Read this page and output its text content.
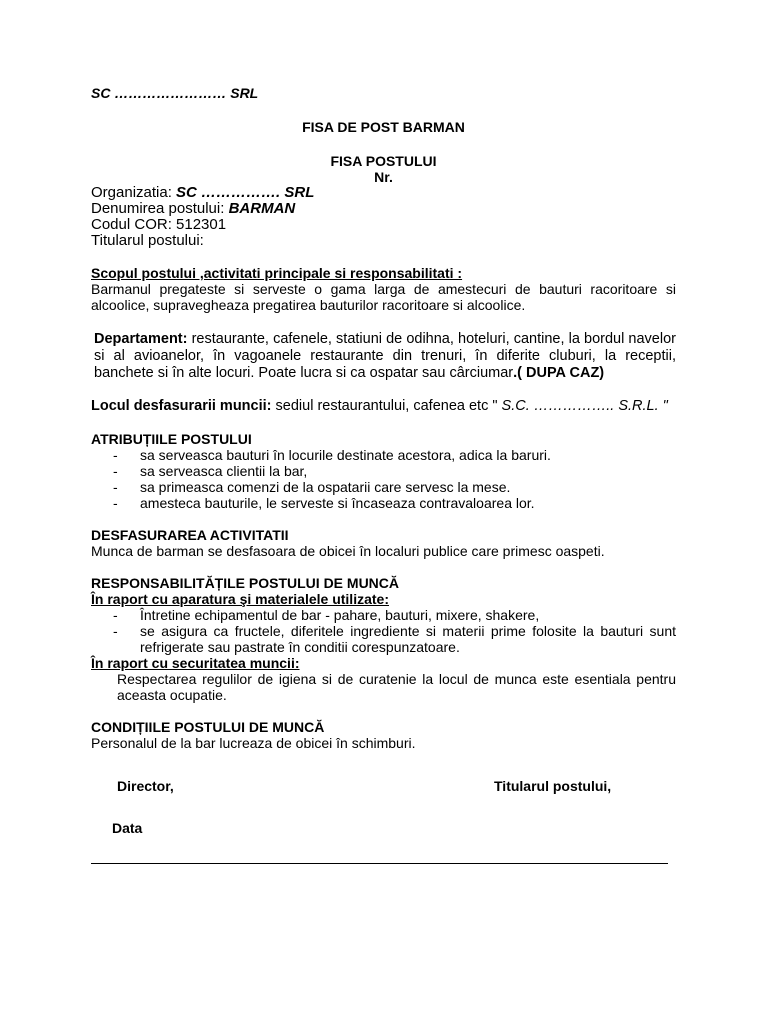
SC …………………… SRL

FISA DE POST BARMAN

FISA POSTULUI

Nr.

Organizatia: SC ……………. SRL

Denumirea postului: BARMAN

Codul COR: 512301

Titularul postului:

Scopul postului ,activitati principale si responsabilitati :

Barmanul pregateste si serveste o gama larga de amestecuri de bauturi racoritoare si alcoolice, supravegheaza pregatirea bauturilor racoritoare si alcoolice.

Departament: restaurante, cafenele, statiuni de odihna, hoteluri, cantine, la bordul navelor si al avioanelor, în vagoanele restaurante din trenuri, în diferite cluburi, la receptii, banchete si în alte locuri. Poate lucra si ca ospatar sau cârciumar.( DUPA CAZ)

Locul desfasurarii muncii: sediul restaurantului, cafenea etc " S.C. …………….. S.R.L. "

ATRIBUȚIILE POSTULUI

- sa serveasca bauturi în locurile destinate acestora, adica la baruri.
- sa serveasca clientii la bar,
- sa primeasca comenzi de la ospatarii care servesc la mese.
- amesteca bauturile, le serveste si încaseaza contravaloarea lor.

DESFASURAREA ACTIVITATII

Munca de barman se desfasoara de obicei în localuri publice care primesc oaspeti.

RESPONSABILITĂȚILE POSTULUI DE MUNCĂ

În raport cu aparatura şi materialele utilizate:

- Întretine echipamentul de bar - pahare, bauturi, mixere, shakere,
- se asigura ca fructele, diferitele ingrediente si materii prime folosite la bauturi sunt refrigerate sau pastrate în conditii corespunzatoare.

În raport cu securitatea muncii:

Respectarea regulilor de igiena si de curatenie la locul de munca este esentiala pentru aceasta ocupatie.

CONDIȚIILE POSTULUI DE MUNCĂ

Personalul de la bar lucreaza de obicei în schimburi.

Director,	Titularul postului,

Data
